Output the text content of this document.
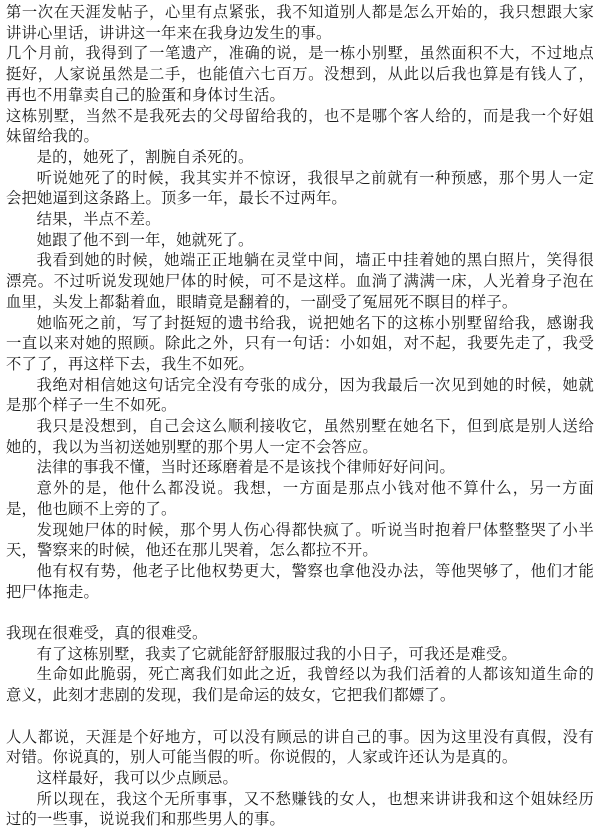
第一次在天涯发帖子，心里有点紧张，我不知道别人都是怎么开始的，我只想跟大家讲讲心里话，讲讲这一年来在我身边发生的事。

几个月前，我得到了一笔遗产，准确的说，是一栋小别墅，虽然面积不大，不过地点挺好，人家说虽然是二手，也能值六七百万。没想到，从此以后我也算是有钱人了，再也不用靠卖自己的脸蛋和身体讨生活。

这栋别墅，当然不是我死去的父母留给我的，也不是哪个客人给的，而是我一个好姐妹留给我的。

是的，她死了，割腕自杀死的。

听说她死了的时候，我其实并不惊讶，我很早之前就有一种预感，那个男人一定会把她逼到这条路上。顶多一年，最长不过两年。

结果，半点不差。

她跟了他不到一年，她就死了。

我看到她的时候，她端正正地躺在灵堂中间，墙正中挂着她的黑白照片，笑得很漂亮。不过听说发现她尸体的时候，可不是这样。血淌了满满一床，人光着身子泡在血里，头发上都黏着血，眼睛竟是翻着的，一副受了冤屈死不瞑目的样子。

她临死之前，写了封挺短的遗书给我，说把她名下的这栋小别墅留给我，感谢我一直以来对她的照顾。除此之外，只有一句话：小如姐，对不起，我要先走了，我受不了了，再这样下去，我生不如死。

我绝对相信她这句话完全没有夸张的成分，因为我最后一次见到她的时候，她就是那个样子一生不如死。

我只是没想到，自己会这么顺利接收它，虽然别墅在她名下，但到底是别人送给她的，我以为当初送她别墅的那个男人一定不会答应。

法律的事我不懂，当时还琢磨着是不是该找个律师好好问问。

意外的是，他什么都没说。我想，一方面是那点小钱对他不算什么，另一方面是，他也顾不上旁的了。

发现她尸体的时候，那个男人伤心得都快疯了。听说当时抱着尸体整整哭了小半天，警察来的时候，他还在那儿哭着，怎么都拉不开。

他有权有势，他老子比他权势更大，警察也拿他没办法，等他哭够了，他们才能把尸体拖走。

我现在很难受，真的很难受。

有了这栋别墅，我卖了它就能舒舒服服过我的小日子，可我还是难受。

生命如此脆弱，死亡离我们如此之近，我曾经以为我们活着的人都该知道生命的意义，此刻才悲剧的发现，我们是命运的妓女，它把我们都嫖了。

人人都说，天涯是个好地方，可以没有顾忌的讲自己的事。因为这里没有真假，没有对错。你说真的，别人可能当假的听。你说假的，人家或许还认为是真的。

这样最好，我可以少点顾忌。

所以现在，我这个无所事事，又不愁赚钱的女人，也想来讲讲我和这个姐妹经历过的一些事，说说我们和那些男人的事。
